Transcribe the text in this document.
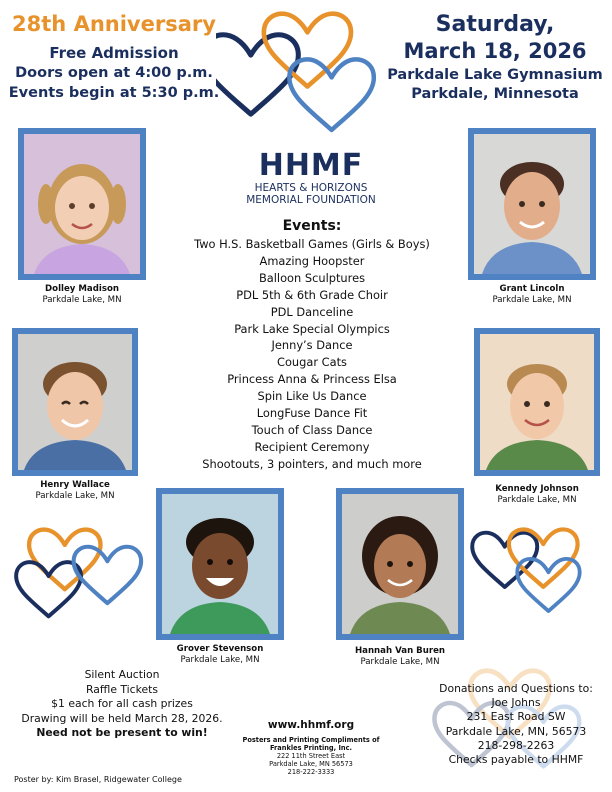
28th Anniversary
Free Admission
Doors open at 4:00 p.m.
Events begin at 5:30 p.m.
Saturday,
March 18, 2026
Parkdale Lake Gymnasium
Parkdale, Minnesota
HHMF
HEARTS & HORIZONS
MEMORIAL FOUNDATION
Events:
Two H.S. Basketball Games (Girls & Boys)
Amazing Hoopster
Balloon Sculptures
PDL 5th & 6th Grade Choir
PDL Danceline
Park Lake Special Olympics
Jenny’s Dance
Cougar Cats
Princess Anna & Princess Elsa
Spin Like Us Dance
LongFuse Dance Fit
Touch of Class Dance
Recipient Ceremony
Shootouts, 3 pointers, and much more
Dolley Madison
Parkdale Lake, MN
Grant Lincoln
Parkdale Lake, MN
Henry Wallace
Parkdale Lake, MN
Kennedy Johnson
Parkdale Lake, MN
Grover Stevenson
Parkdale Lake, MN
Hannah Van Buren
Parkdale Lake, MN
Silent Auction
Raffle Tickets
$1 each for all cash prizes
Drawing will be held March 28, 2026.
Need not be present to win!
www.hhmf.org
Posters and Printing Compliments of
Frankles Printing, Inc.
222 11th Street East
Parkdale Lake, MN 56573
218-222-3333
Donations and Questions to:
Joe Johns
231 East Road SW
Parkdale Lake, MN, 56573
218-298-2263
Checks payable to HHMF
Poster by: Kim Brasel, Ridgewater College
